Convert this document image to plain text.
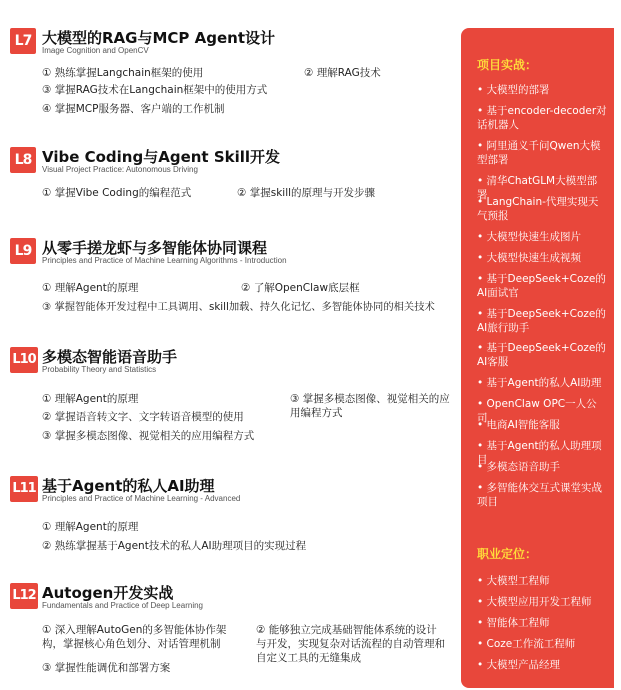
L7 大模型的RAG与MCP Agent设计
Image Cognition and OpenCV
① 熟练掌握Langchain框架的使用	② 理解RAG技术
③ 掌握RAG技术在Langchain框架中的使用方式
④ 掌握MCP服务器、客户端的工作机制
L8 Vibe Coding与Agent Skill开发
Visual Project Practice: Autonomous Driving
① 掌握Vibe Coding的编程范式	② 掌握skill的原理与开发步骤
L9 从零手搓龙虾与多智能体协同课程
Principles and Practice of Machine Learning Algorithms - Introduction
① 理解Agent的原理	② 了解OpenClaw底层框
③ 掌握智能体开发过程中工具调用、skill加载、持久化记忆、多智能体协同的相关技术
L10 多模态智能语音助手
Probability Theory and Statistics
① 理解Agent的原理	③ 掌握多模态图像、视觉相关的应用编程方式
② 掌握语音转文字、文字转语音模型的使用
③ 掌握多模态图像、视觉相关的应用编程方式
L11 基于Agent的私人AI助理
Principles and Practice of Machine Learning - Advanced
① 理解Agent的原理
② 熟练掌握基于Agent技术的私人AI助理项目的实现过程
L12 Autogen开发实战
Fundamentals and Practice of Deep Learning
① 深入理解AutoGen的多智能体协作架构，掌握核心角色划分、对话管理机制
② 能够独立完成基础智能体系统的设计与开发，实现复杂对话流程的自动管理和自定义工具的无缝集成
③ 掌握性能调优和部署方案
项目实战：
• 大模型的部署
• 基于encoder-decoder对话机器人
• 阿里通义千问Qwen大模型部署
• 清华ChatGLM大模型部署
• LangChain-代理实现天气预报
• 大模型快速生成图片
• 大模型快速生成视频
• 基于DeepSeek+Coze的AI面试官
• 基于DeepSeek+Coze的AI旅行助手
• 基于DeepSeek+Coze的AI客服
• 基于Agent的私人AI助理
• OpenClaw OPC一人公司
• 电商AI智能客服
• 基于Agent的私人助理项目
• 多模态语音助手
• 多智能体交互式课堂实战项目
职业定位：
• 大模型工程师
• 大模型应用开发工程师
• 智能体工程师
• Coze工作流工程师
• 大模型产品经理
